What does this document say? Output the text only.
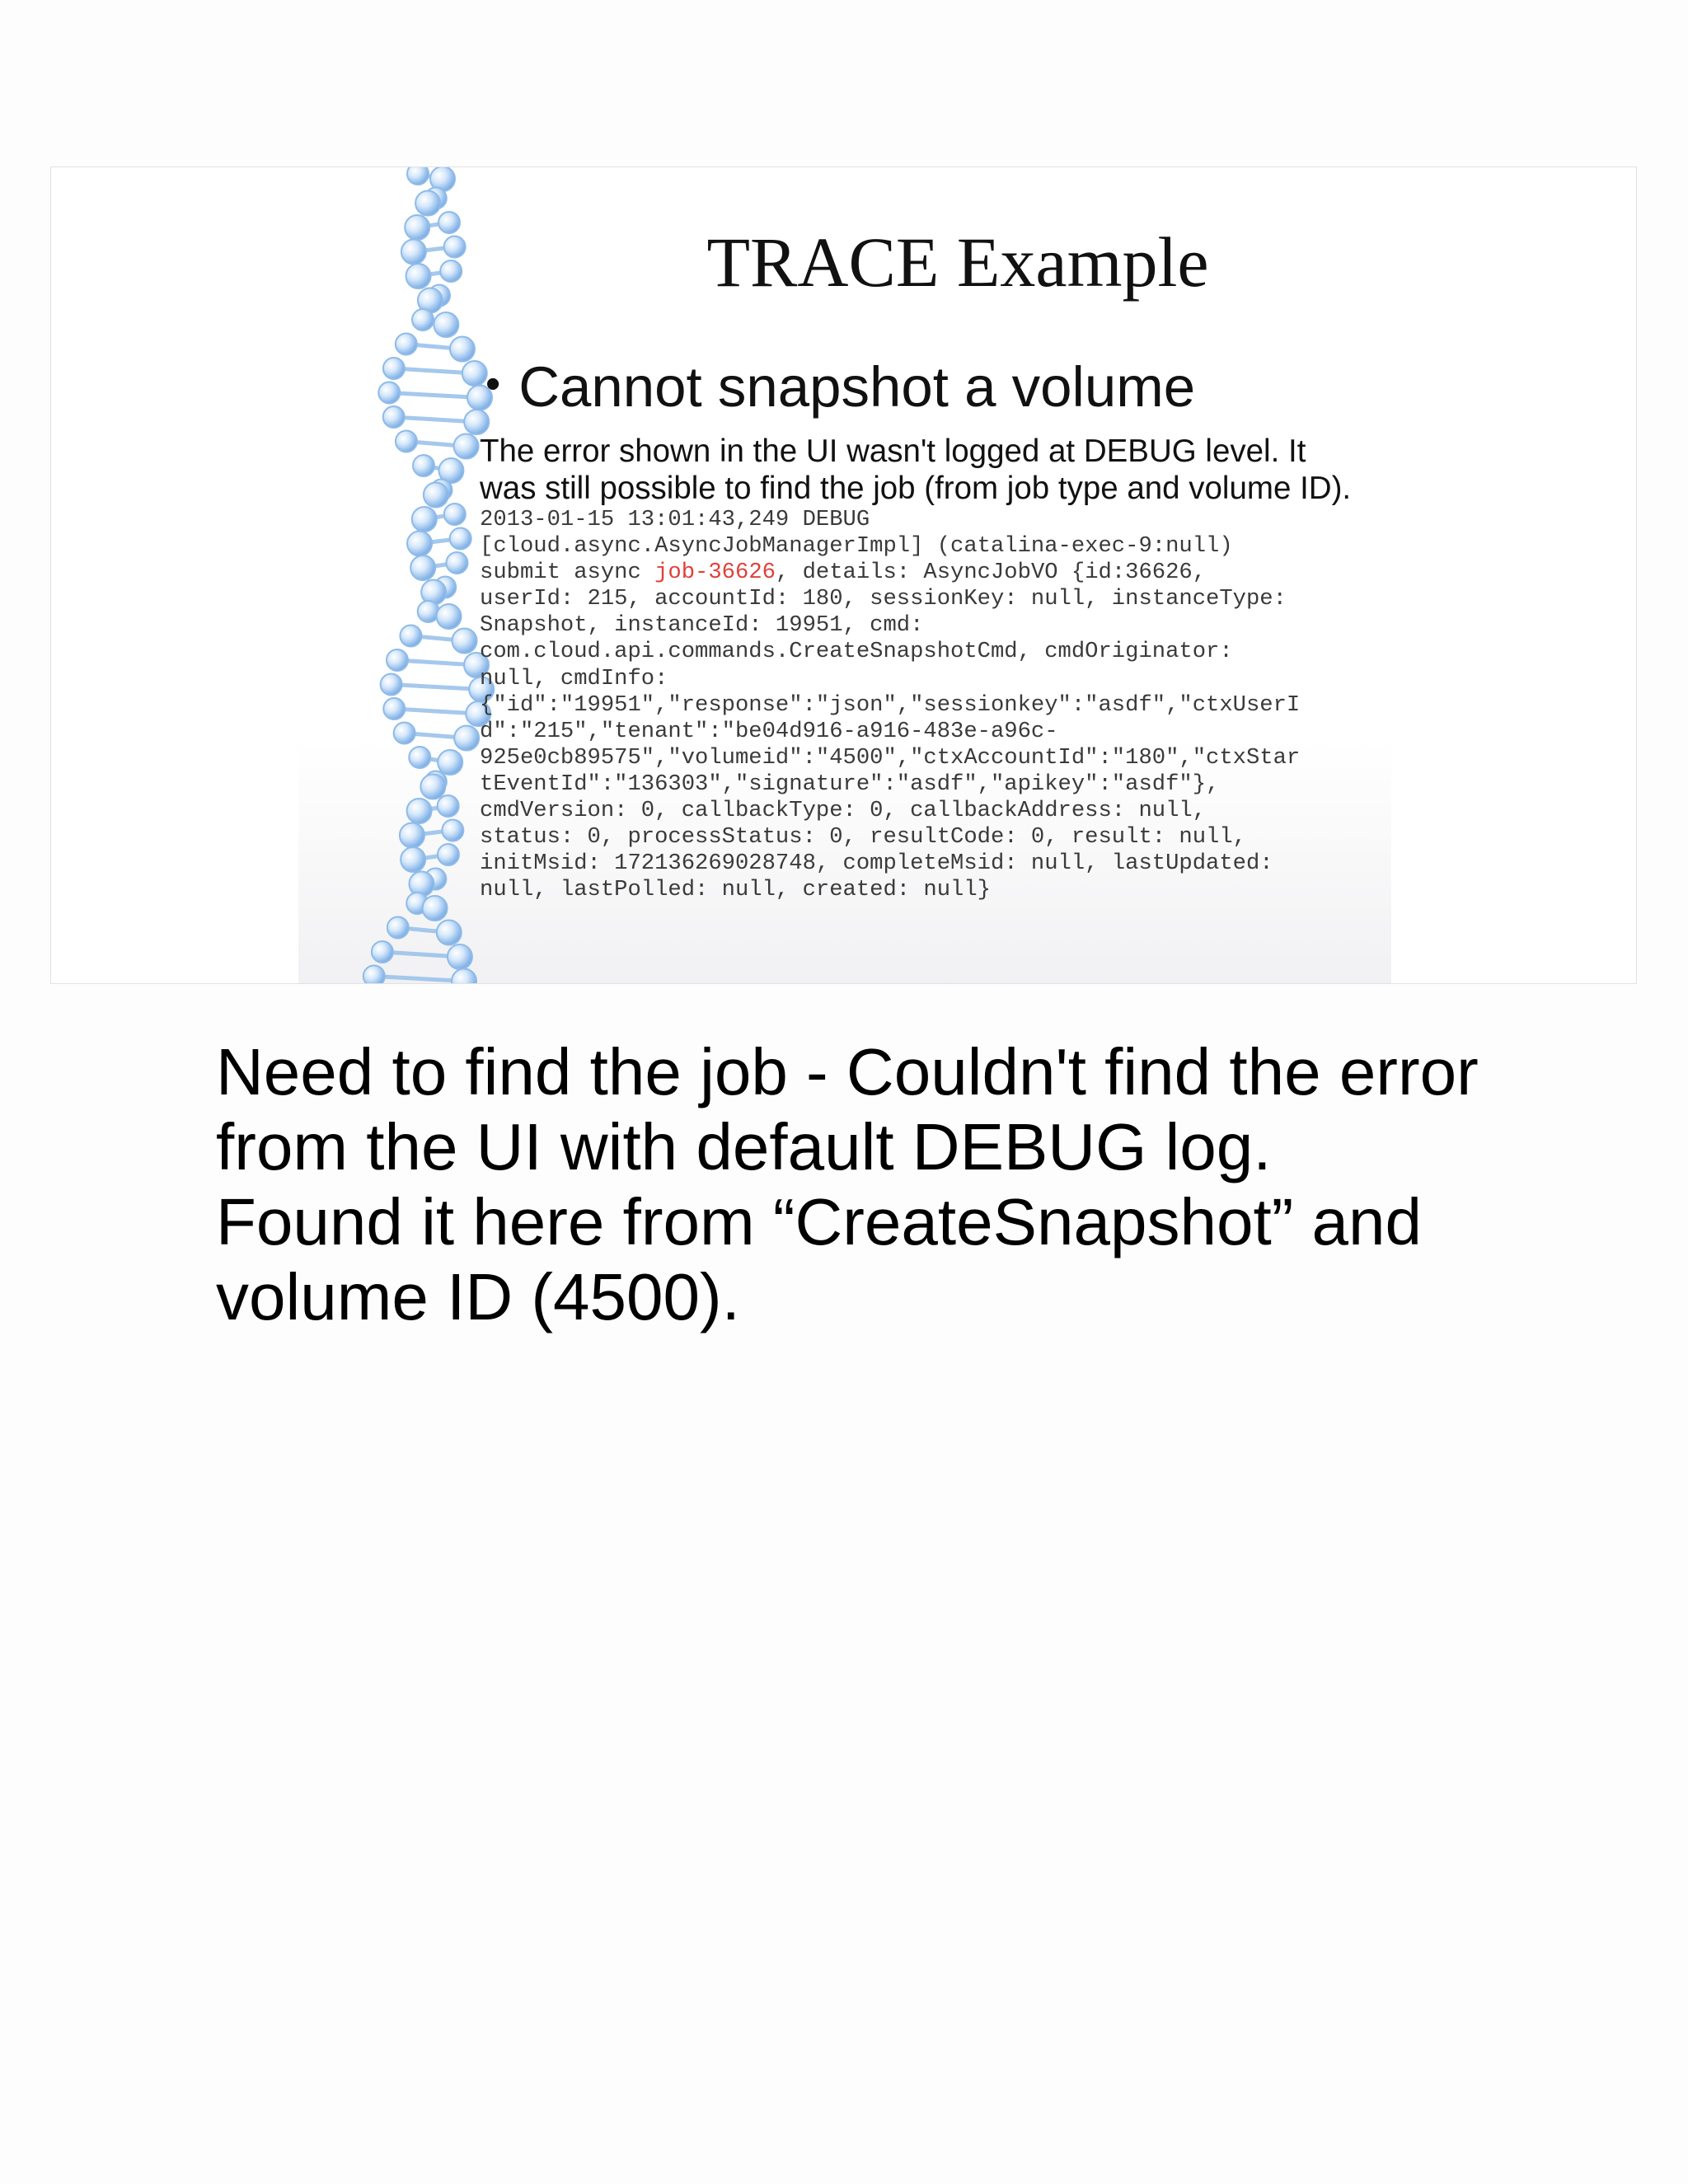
TRACE Example
• Cannot snapshot a volume
The error shown in the UI wasn't logged at DEBUG level. It
was still possible to find the job (from job type and volume ID).
2013-01-15 13:01:43,249 DEBUG
[cloud.async.AsyncJobManagerImpl] (catalina-exec-9:null)
submit async job-36626, details: AsyncJobVO {id:36626,
userId: 215, accountId: 180, sessionKey: null, instanceType:
Snapshot, instanceId: 19951, cmd:
com.cloud.api.commands.CreateSnapshotCmd, cmdOriginator:
null, cmdInfo:
{"id":"19951","response":"json","sessionkey":"asdf","ctxUserI
d":"215","tenant":"be04d916-a916-483e-a96c-
925e0cb89575","volumeid":"4500","ctxAccountId":"180","ctxStar
tEventId":"136303","signature":"asdf","apikey":"asdf"},
cmdVersion: 0, callbackType: 0, callbackAddress: null,
status: 0, processStatus: 0, resultCode: 0, result: null,
initMsid: 172136269028748, completeMsid: null, lastUpdated:
null, lastPolled: null, created: null}
Need to find the job - Couldn't find the error
from the UI with default DEBUG log.
Found it here from “CreateSnapshot” and
volume ID (4500).
